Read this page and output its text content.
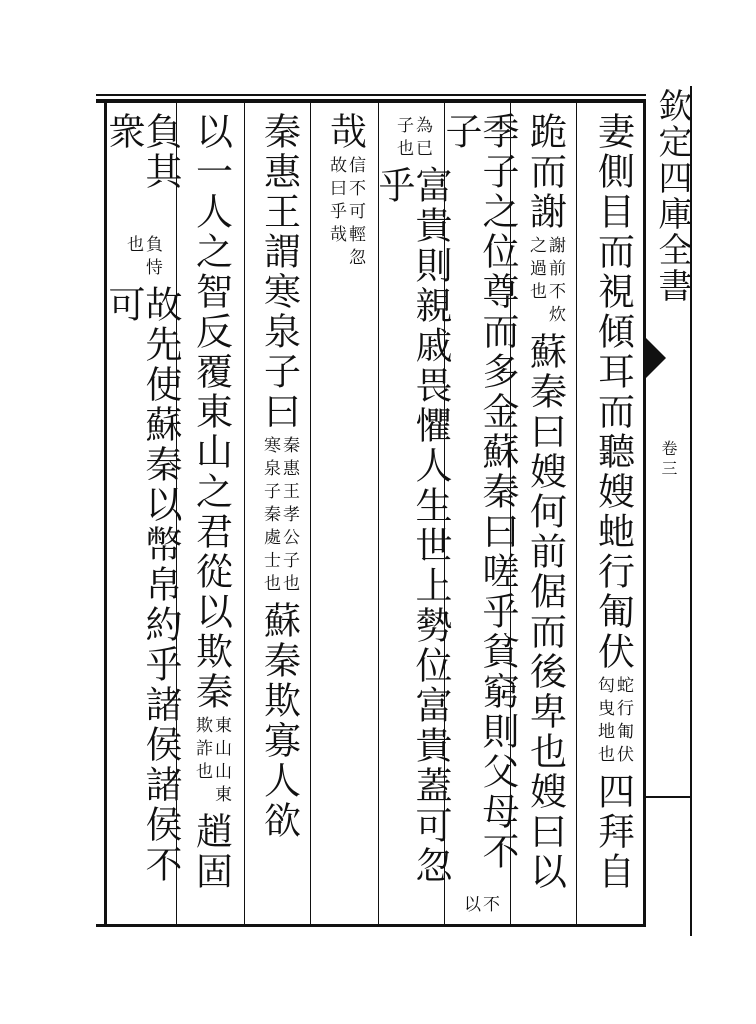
欽定四庫全書
卷三
妻側目而視傾耳而聽嫂虵行匍伏
蛇行匍伏
匃曳地也
四拜自
跪而謝
謝前不炊
之過也
蘇秦曰嫂何前倨而後卑也嫂曰以
季子之位尊而多金蘇秦曰嗟乎貧窮則父母不子
不
以
為已
子也
富貴則親戚畏懼人生世上勢位富貴蓋可忽乎
哉
信不可輕忽
故曰乎哉
秦惠王謂寒泉子曰
秦惠王孝公子也
寒泉子秦處士也
蘇秦欺寡人欲
以一人之智反覆東山之君從以欺秦
東山山東
欺詐也
趙固
負其衆
負恃
也
故先使蘇秦以幣帛約乎諸侯諸侯不可
